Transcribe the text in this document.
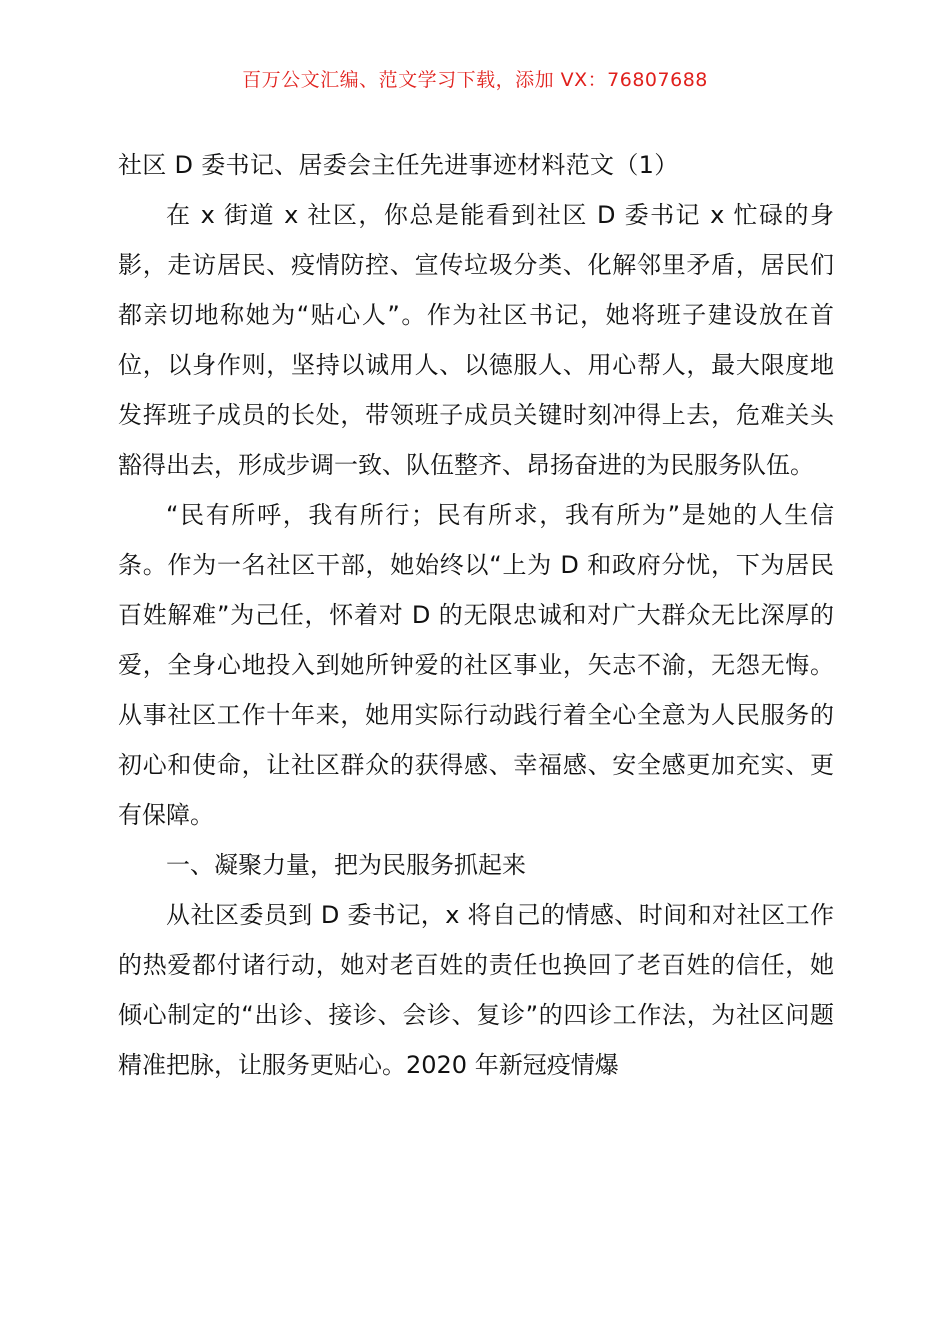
百万公文汇编、范文学习下载，添加 VX：76807688

社区 D 委书记、居委会主任先进事迹材料范文（1）

在 x 街道 x 社区，你总是能看到社区 D 委书记 x 忙碌的身影，走访居民、疫情防控、宣传垃圾分类、化解邻里矛盾，居民们都亲切地称她为“贴心人”。作为社区书记，她将班子建设放在首位，以身作则，坚持以诚用人、以德服人、用心帮人，最大限度地发挥班子成员的长处，带领班子成员关键时刻冲得上去，危难关头豁得出去，形成步调一致、队伍整齐、昂扬奋进的为民服务队伍。

“民有所呼，我有所行；民有所求，我有所为”是她的人生信条。作为一名社区干部，她始终以“上为 D 和政府分忧，下为居民百姓解难”为己任，怀着对 D 的无限忠诚和对广大群众无比深厚的爱，全身心地投入到她所钟爱的社区事业，矢志不渝，无怨无悔。从事社区工作十年来，她用实际行动践行着全心全意为人民服务的初心和使命，让社区群众的获得感、幸福感、安全感更加充实、更有保障。

一、凝聚力量，把为民服务抓起来

从社区委员到 D 委书记，x 将自己的情感、时间和对社区工作的热爱都付诸行动，她对老百姓的责任也换回了老百姓的信任，她倾心制定的“出诊、接诊、会诊、复诊”的四诊工作法，为社区问题精准把脉，让服务更贴心。2020 年新冠疫情爆
